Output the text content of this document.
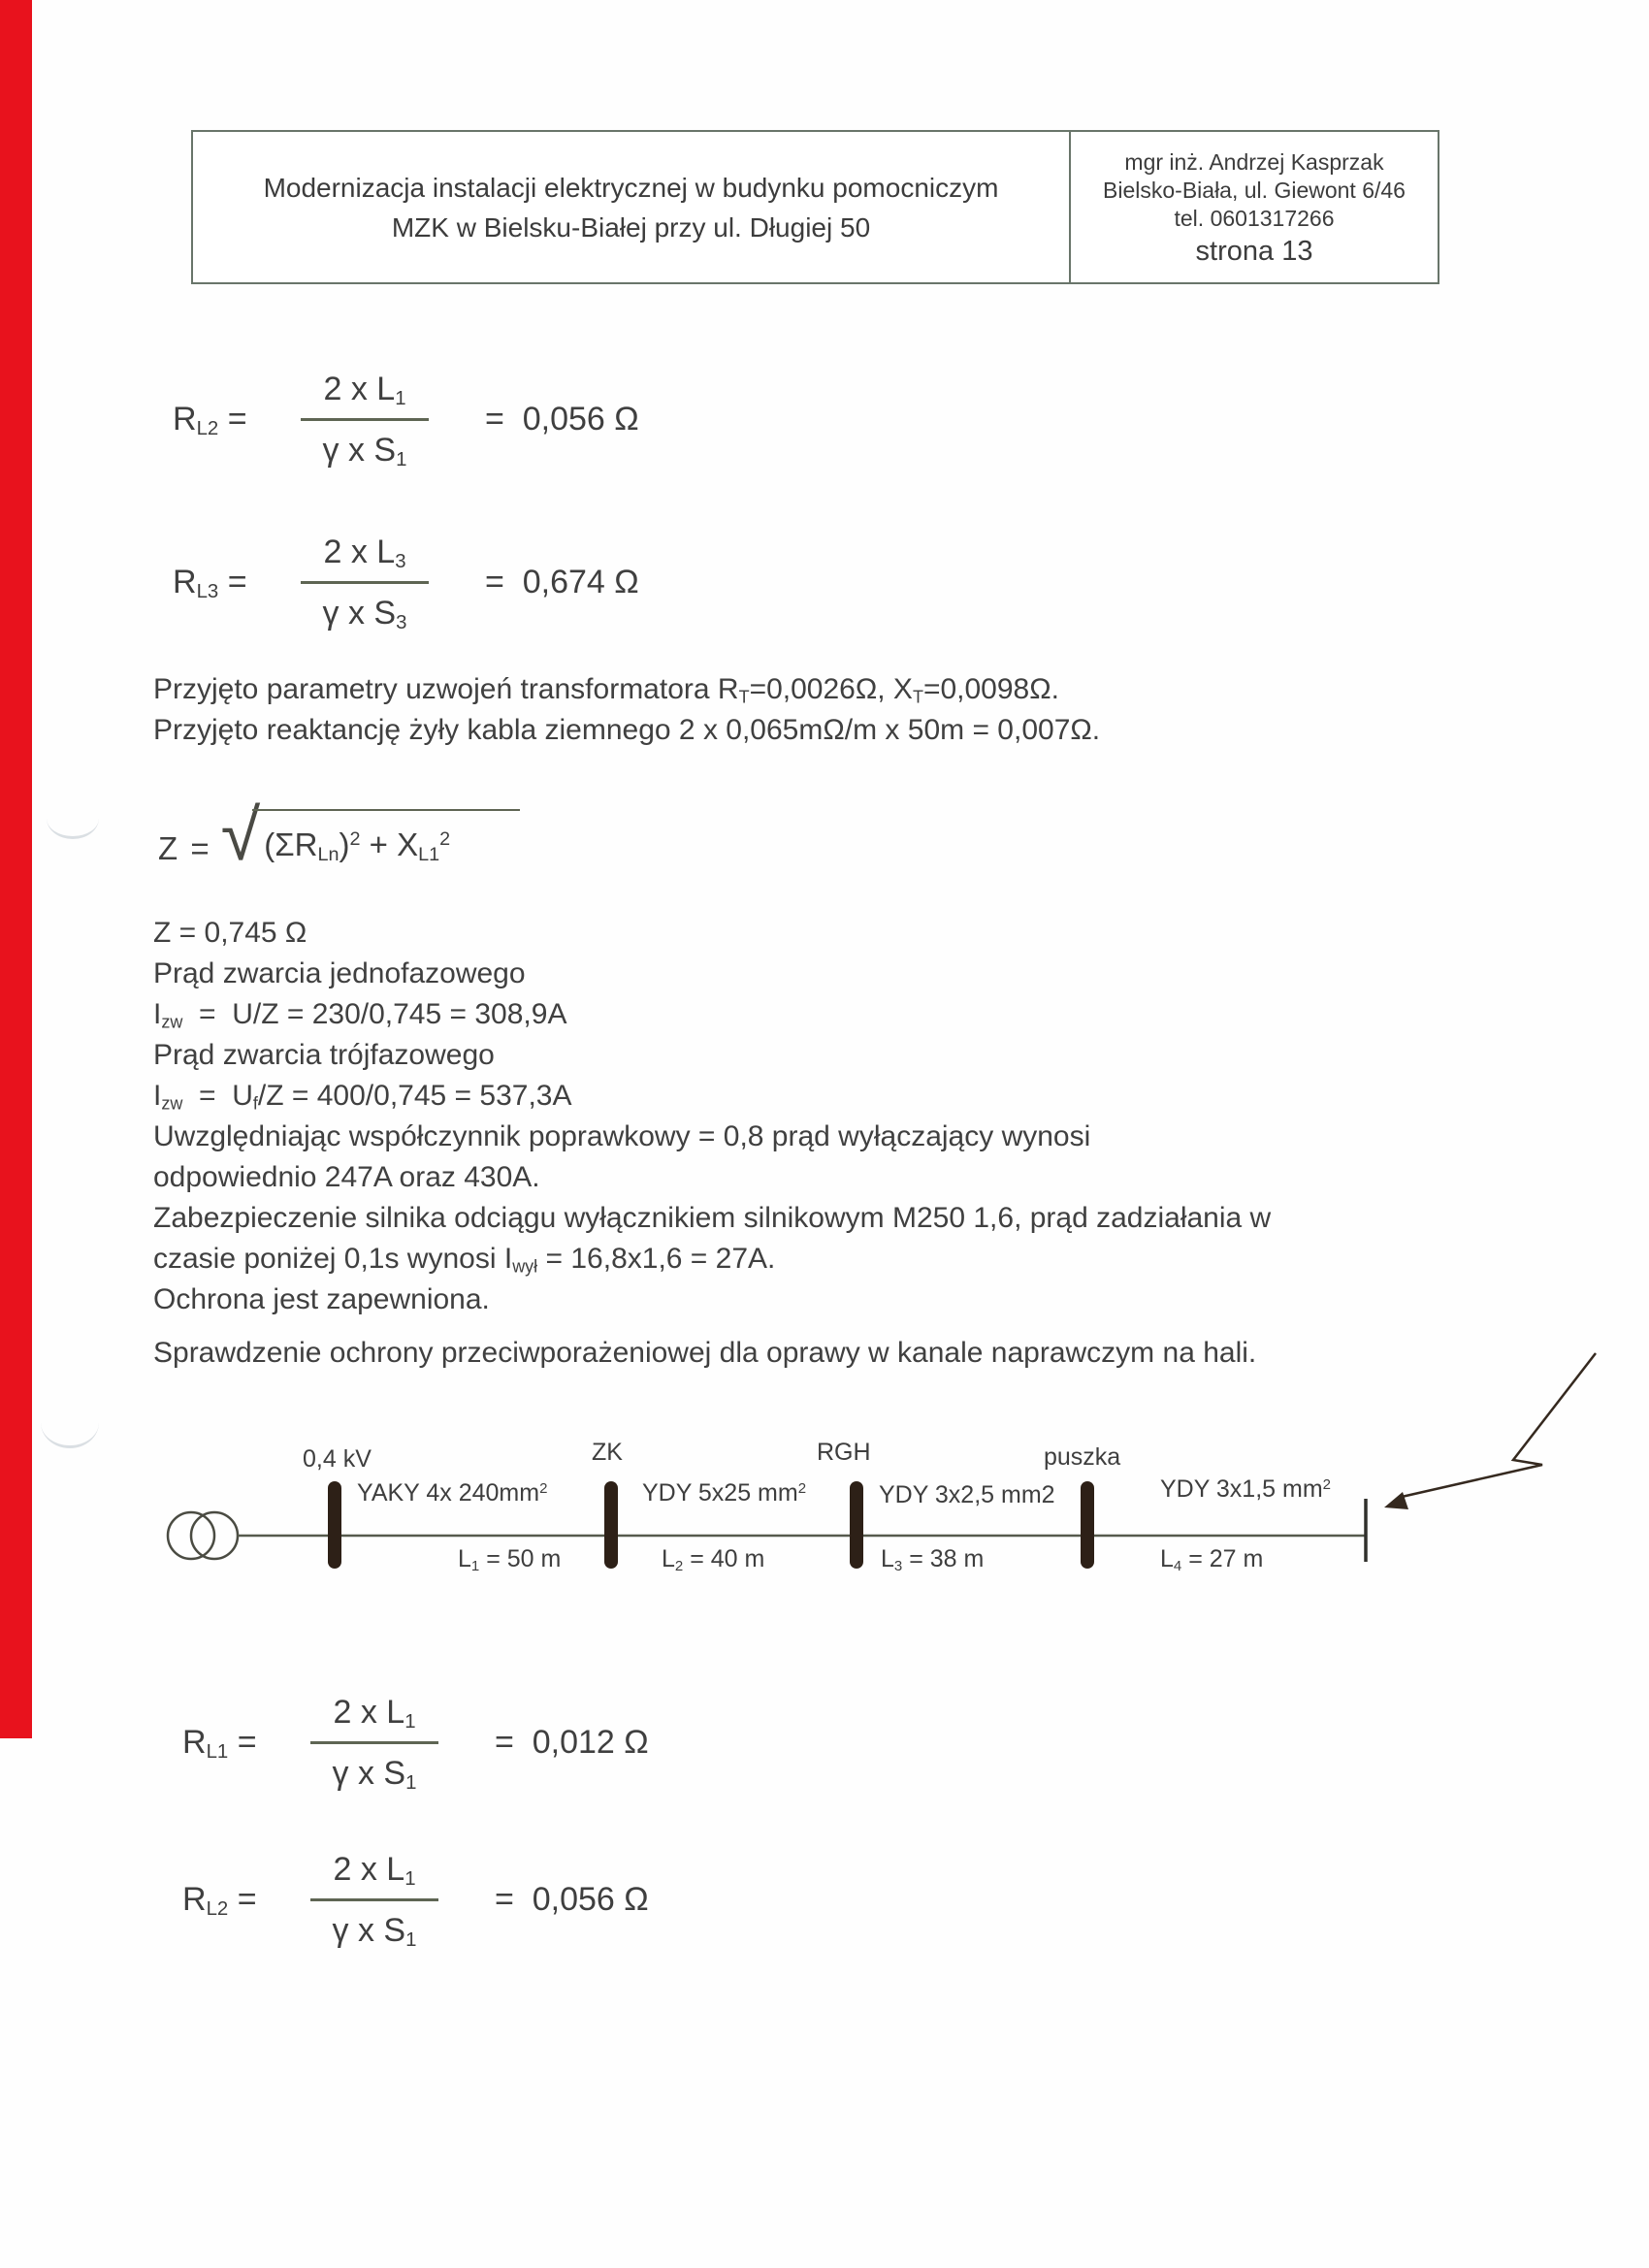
Modernizacja instalacji elektrycznej w budynku pomocniczym
MZK w Bielsku-Białej przy ul. Długiej 50
mgr inż. Andrzej Kasprzak
Bielsko-Biała, ul. Giewont 6/46
tel. 0601317266
strona 13
$R_{L2} = \frac{2 x L_1}{\gamma x S_1} = 0,056$ Ω
$R_{L3} = \frac{2 x L_3}{\gamma x S_3} = 0,674$ Ω
Przyjęto parametry uzwojeń transformatora $R_T=0,0026\Omega$, $X_T=0,0098\Omega$.
Przyjęto reaktancję żyły kabla ziemnego 2 x 0,065mΩ/m x 50m = 0,007Ω.
Z = √ $(\Sigma R_{Ln})^2 + X_{L1}^2$
Z = 0,745 Ω
Prąd zwarcia jednofazowego
$I_{zw} = U/Z = 230/0,745 = 308,9A$
Prąd zwarcia trójfazowego
$I_{zw} = U_f/Z = 400/0,745 = 537,3A$
Uwzględniając współczynnik poprawkowy = 0,8 prąd wyłączający wynosi
odpowiednio 247A oraz 430A.
Zabezpieczenie silnika odciągu wyłącznikiem silnikowym M250 1,6, prąd zadziałania w
czasie poniżej 0,1s wynosi $I_{wył} = 16,8x1,6 = 27A$.
Ochrona jest zapewniona.
Sprawdzenie ochrony przeciwporażeniowej dla oprawy w kanale naprawczym na hali.
0,4 kV	ZK	RGH	puszka
YAKY 4x $240mm^2$	YDY 5x25 $mm^2$	YDY 3x2,5 mm2	YDY 3x1,5 $mm^2$
$L_1 = 50$ m	$L_2 = 40$ m	$L_3 = 38$ m	$L_4 = 27$ m
$R_{L1} = \frac{2 x L_1}{\gamma x S_1} = 0,012$ Ω
$R_{L2} = \frac{2 x L_1}{\gamma x S_1} = 0,056$ Ω
